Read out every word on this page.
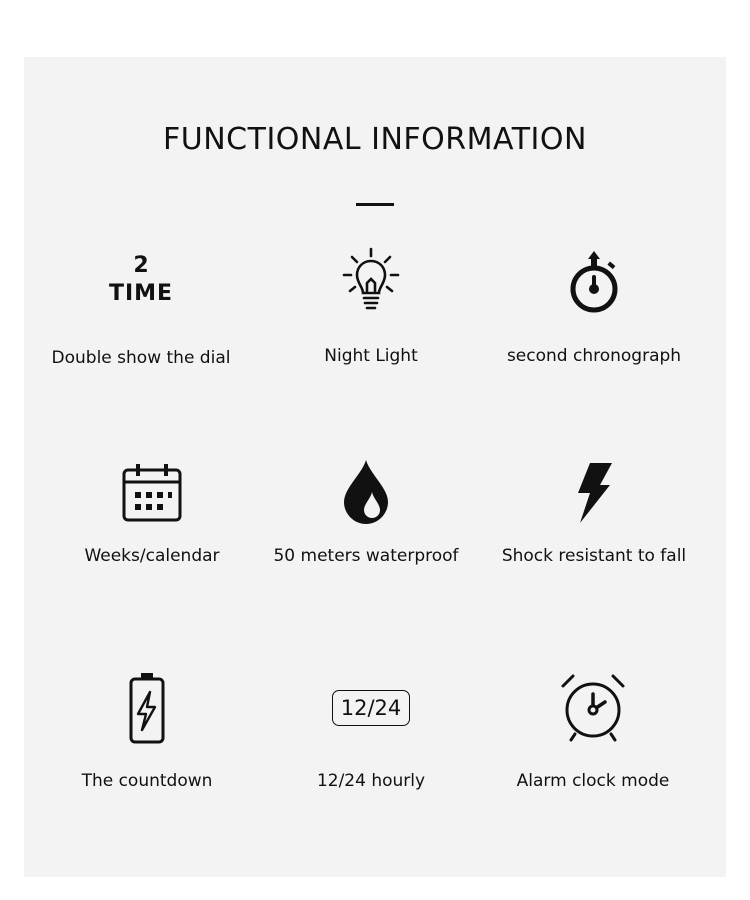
FUNCTIONAL INFORMATION
2
TIME
Double show the dial	Night Light	second chronograph
Weeks/calendar	50 meters waterproof	Shock resistant to fall
The countdown
12/24
12/24 hourly	Alarm clock mode
